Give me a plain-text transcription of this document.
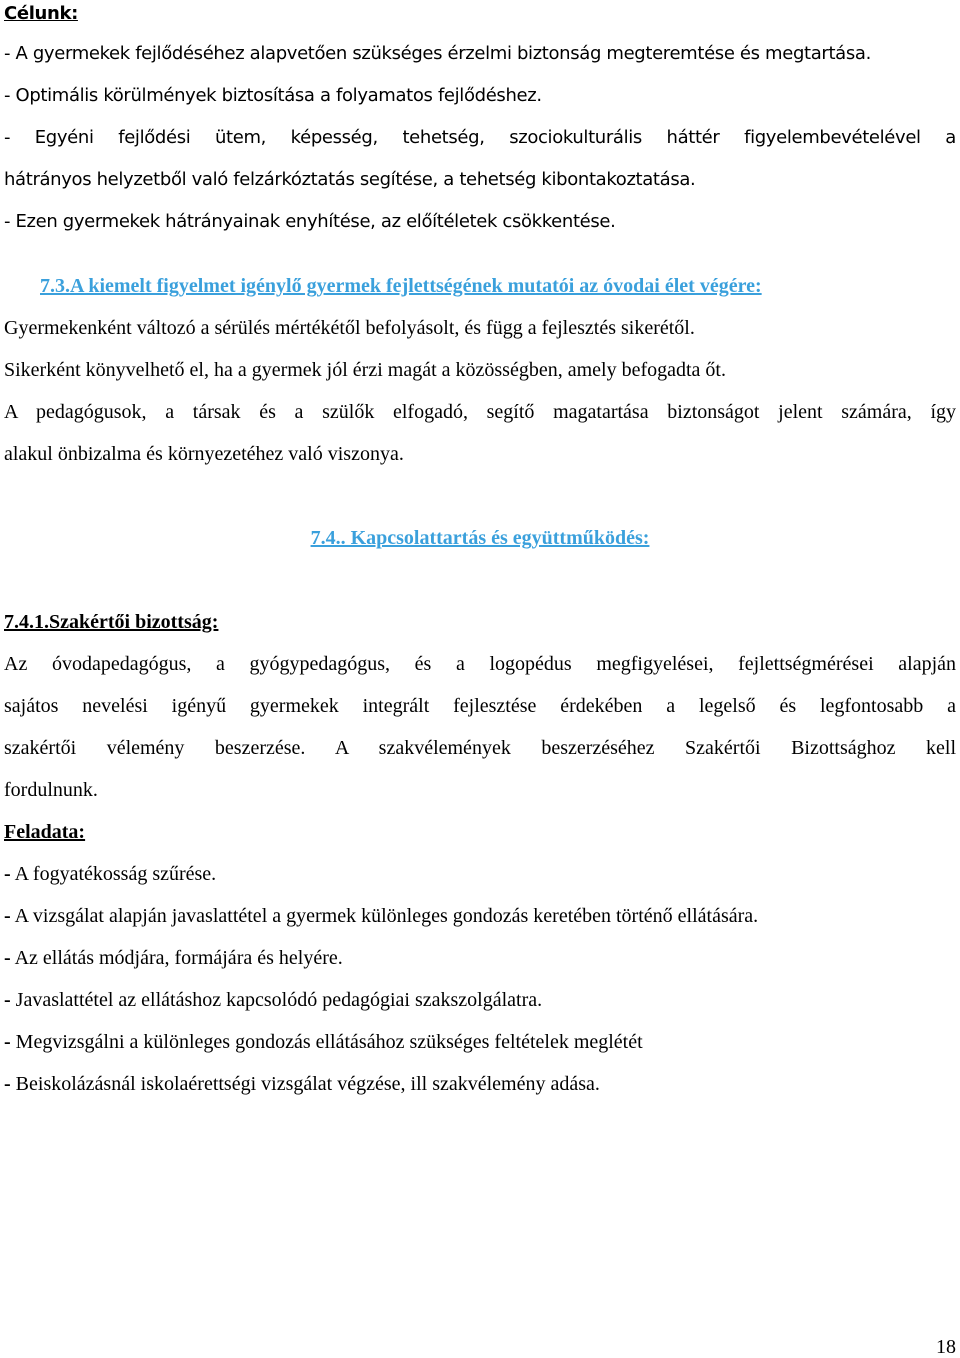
Célunk:
- A gyermekek fejlődéséhez alapvetően szükséges érzelmi biztonság megteremtése és megtartása.
- Optimális körülmények biztosítása a folyamatos fejlődéshez.
- Egyéni fejlődési ütem, képesség, tehetség, szociokulturális háttér figyelembevételével a
hátrányos helyzetből való felzárkóztatás segítése, a tehetség kibontakoztatása.
- Ezen gyermekek hátrányainak enyhítése, az előítéletek csökkentése.
7.3.A kiemelt figyelmet igénylő gyermek fejlettségének mutatói az óvodai élet végére:
Gyermekenként változó a sérülés mértékétől befolyásolt, és függ a fejlesztés sikerétől.
Sikerként könyvelhető el, ha a gyermek jól érzi magát a közösségben, amely befogadta őt.
A pedagógusok, a társak és a szülők elfogadó, segítő magatartása biztonságot jelent számára, így
alakul önbizalma és környezetéhez való viszonya.
7.4.. Kapcsolattartás és együttműködés:
7.4.1.Szakértői bizottság:
Az óvodapedagógus, a gyógypedagógus, és a logopédus megfigyelései, fejlettségmérései alapján
sajátos nevelési igényű gyermekek integrált fejlesztése érdekében a legelső és legfontosabb a
szakértői vélemény beszerzése. A szakvélemények beszerzéséhez Szakértői Bizottsághoz kell
fordulnunk.
Feladata:
- A fogyatékosság szűrése.
- A vizsgálat alapján javaslattétel a gyermek különleges gondozás keretében történő ellátására.
- Az ellátás módjára, formájára és helyére.
- Javaslattétel az ellátáshoz kapcsolódó pedagógiai szakszolgálatra.
- Megvizsgálni a különleges gondozás ellátásához szükséges feltételek meglétét
- Beiskolázásnál iskolaérettségi vizsgálat végzése, ill szakvélemény adása.
18
